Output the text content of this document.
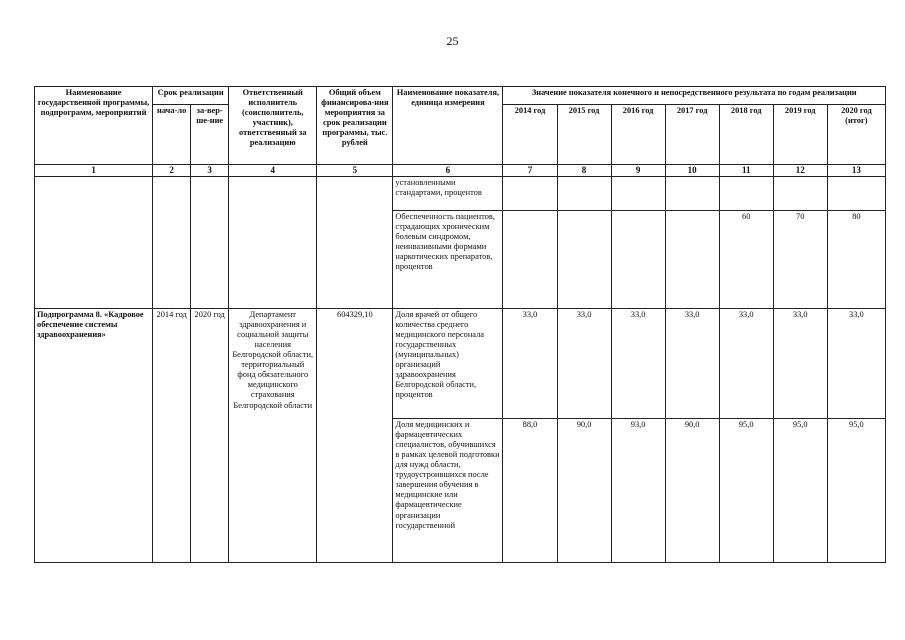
25
Наименование государственной программы, подпрограмм, мероприятий	Срок реализации		Ответственный исполнитель (соисполнитель, участник), ответственный за реализацию	Общий объем финансирова-ния мероприятия за срок реализации программы, тыс. рублей	Наименование показателя, единица измерения	Значение показателя конечного и непосредственного результата по годам реализации						
	нача-ло	за-вер-ше-ние				2014 год	2015 год	2016 год	2017 год	2018 год	2019 год	2020 год (итог)
1	2	3	4	5	6	7	8	9	10	11	12	13
					установленными стандартами, процентов							
					Обеспеченность пациентов, страдающих хроническим болевым синдромом, неинвазивными формами наркотических препаратов, процентов					60	70	80
Подпрограмма 8. «Кадровое обеспечение системы здравоохранения»	2014 год	2020 год	Департамент здравоохранения и социальной защиты населения Белгородской области, территориальный фонд обязательного медицинского страхования Белгородской области	604329,10	Доля врачей от общего количества среднего медицинского персонала государственных (муниципальных) организаций здравоохранения Белгородской области, процентов	33,0	33,0	33,0	33,0	33,0	33,0	33,0
					Доля медицинских и фармацевтических специалистов, обучившихся в рамках целевой подготовки для нужд области, трудоустроившихся после завершения обучения в медицинские или фармацевтические организации государственной	88,0	90,0	93,0	90,0	95,0	95,0	95,0
